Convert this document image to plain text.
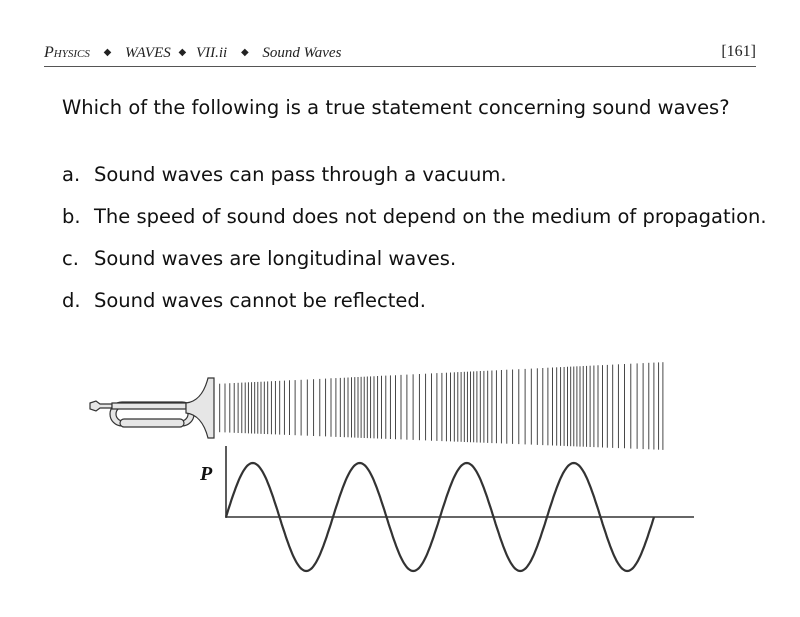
Physics ◆ WAVES ◆ VII.ii ◆ Sound Waves	[161]
Which of the following is a true statement concerning sound waves?
a. Sound waves can pass through a vacuum.
b. The speed of sound does not depend on the medium of propagation.
c. Sound waves are longitudinal waves.
d. Sound waves cannot be reflected.
P
